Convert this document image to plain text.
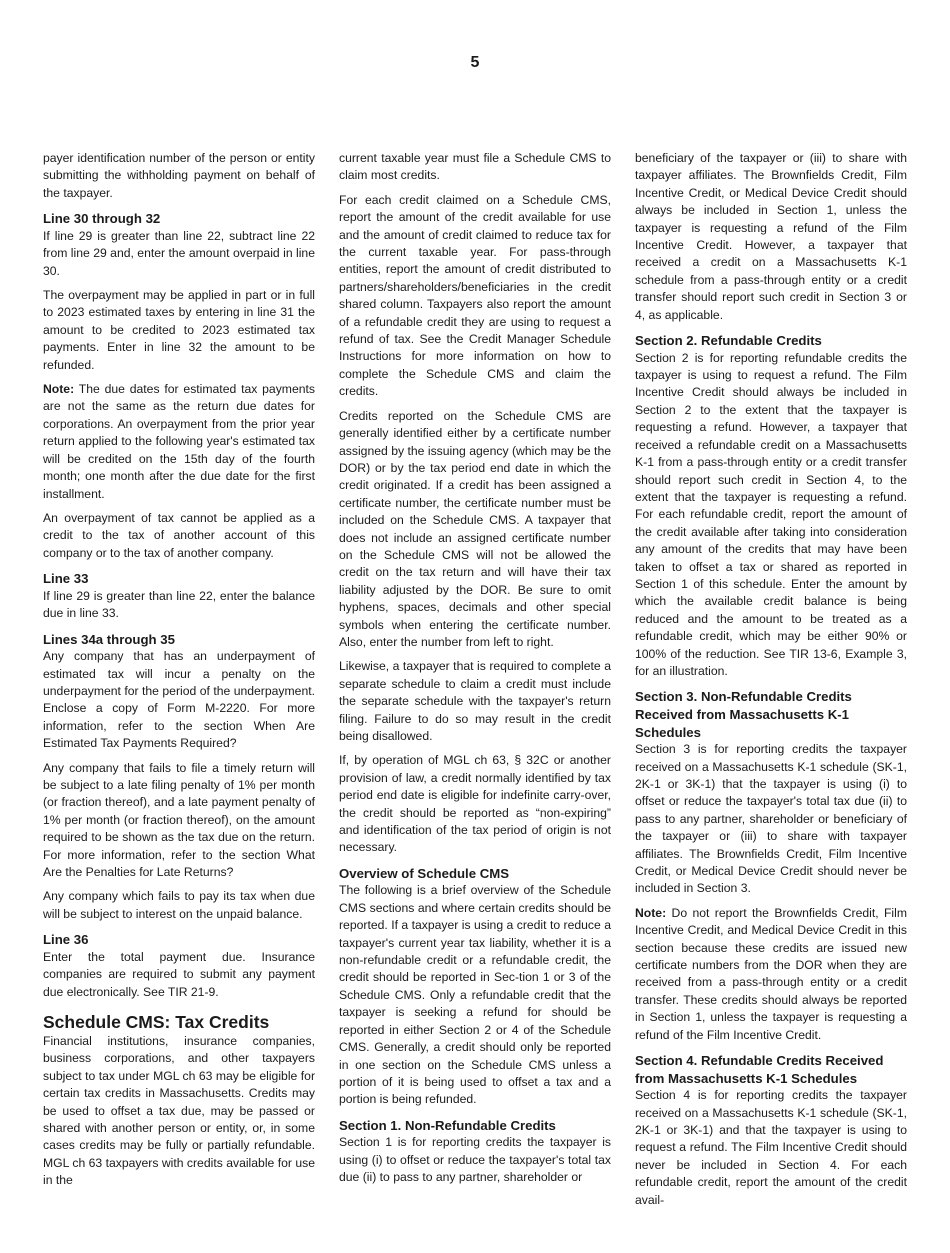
5

payer identification number of the person or entity submitting the withholding payment on behalf of the taxpayer.

Line 30 through 32

If line 29 is greater than line 22, subtract line 22 from line 29 and, enter the amount overpaid in line 30.

The overpayment may be applied in part or in full to 2023 estimated taxes by entering in line 31 the amount to be credited to 2023 estimated tax payments. Enter in line 32 the amount to be refunded.

Note: The due dates for estimated tax payments are not the same as the return due dates for corporations. An overpayment from the prior year return applied to the following year's estimated tax will be credited on the 15th day of the fourth month; one month after the due date for the first installment.

An overpayment of tax cannot be applied as a credit to the tax of another account of this company or to the tax of another company.

Line 33

If line 29 is greater than line 22, enter the balance due in line 33.

Lines 34a through 35

Any company that has an underpayment of estimated tax will incur a penalty on the underpayment for the period of the underpayment. Enclose a copy of Form M-2220. For more information, refer to the section When Are Estimated Tax Payments Required?

Any company that fails to file a timely return will be subject to a late filing penalty of 1% per month (or fraction thereof), and a late payment penalty of 1% per month (or fraction thereof), on the amount required to be shown as the tax due on the return. For more information, refer to the section What Are the Penalties for Late Returns?

Any company which fails to pay its tax when due will be subject to interest on the unpaid balance.

Line 36

Enter the total payment due. Insurance companies are required to submit any payment due electronically. See TIR 21-9.

Schedule CMS: Tax Credits

Financial institutions, insurance companies, business corporations, and other taxpayers subject to tax under MGL ch 63 may be eligible for certain tax credits in Massachusetts. Credits may be used to offset a tax due, may be passed or shared with another person or entity, or, in some cases credits may be fully or partially refundable. MGL ch 63 taxpayers with credits available for use in the

current taxable year must file a Schedule CMS to claim most credits.

For each credit claimed on a Schedule CMS, report the amount of the credit available for use and the amount of credit claimed to reduce tax for the current taxable year. For pass-through entities, report the amount of credit distributed to partners/shareholders/beneficiaries in the credit shared column. Taxpayers also report the amount of a refundable credit they are using to request a refund of tax. See the Credit Manager Schedule Instructions for more information on how to complete the Schedule CMS and claim the credits.

Credits reported on the Schedule CMS are generally identified either by a certificate number assigned by the issuing agency (which may be the DOR) or by the tax period end date in which the credit originated. If a credit has been assigned a certificate number, the certificate number must be included on the Schedule CMS. A taxpayer that does not include an assigned certificate number on the Schedule CMS will not be allowed the credit on the tax return and will have their tax liability adjusted by the DOR. Be sure to omit hyphens, spaces, decimals and other special symbols when entering the certificate number. Also, enter the number from left to right.

Likewise, a taxpayer that is required to complete a separate schedule to claim a credit must include the separate schedule with the taxpayer's return filing. Failure to do so may result in the credit being disallowed.

If, by operation of MGL ch 63, § 32C or another provision of law, a credit normally identified by tax period end date is eligible for indefinite carry-over, the credit should be reported as “non-expiring” and identification of the tax period of origin is not necessary.

Overview of Schedule CMS

The following is a brief overview of the Schedule CMS sections and where certain credits should be reported. If a taxpayer is using a credit to reduce a taxpayer's current year tax liability, whether it is a non-refundable credit or a refundable credit, the credit should be reported in Sec-tion 1 or 3 of the Schedule CMS. Only a refundable credit that the taxpayer is seeking a refund for should be reported in either Section 2 or 4 of the Schedule CMS. Generally, a credit should only be reported in one section on the Schedule CMS unless a portion of it is being used to offset a tax and a portion is being refunded.

Section 1. Non-Refundable Credits

Section 1 is for reporting credits the taxpayer is using (i) to offset or reduce the taxpayer's total tax due (ii) to pass to any partner, shareholder or

beneficiary of the taxpayer or (iii) to share with taxpayer affiliates. The Brownfields Credit, Film Incentive Credit, or Medical Device Credit should always be included in Section 1, unless the taxpayer is requesting a refund of the Film Incentive Credit. However, a taxpayer that received a credit on a Massachusetts K-1 schedule from a pass-through entity or a credit transfer should report such credit in Section 3 or 4, as applicable.

Section 2. Refundable Credits

Section 2 is for reporting refundable credits the taxpayer is using to request a refund. The Film Incentive Credit should always be included in Section 2 to the extent that the taxpayer is requesting a refund. However, a taxpayer that received a refundable credit on a Massachusetts K-1 from a pass-through entity or a credit transfer should report such credit in Section 4, to the extent that the taxpayer is requesting a refund. For each refundable credit, report the amount of the credit available after taking into consideration any amount of the credits that may have been taken to offset a tax or shared as reported in Section 1 of this schedule. Enter the amount by which the available credit balance is being reduced and the amount to be treated as a refundable credit, which may be either 90% or 100% of the reduction. See TIR 13-6, Example 3, for an illustration.

Section 3. Non-Refundable Credits Received from Massachusetts K-1 Schedules

Section 3 is for reporting credits the taxpayer received on a Massachusetts K-1 schedule (SK-1, 2K-1 or 3K-1) that the taxpayer is using (i) to offset or reduce the taxpayer's total tax due (ii) to pass to any partner, shareholder or beneficiary of the taxpayer or (iii) to share with taxpayer affiliates. The Brownfields Credit, Film Incentive Credit, or Medical Device Credit should never be included in Section 3.

Note: Do not report the Brownfields Credit, Film Incentive Credit, and Medical Device Credit in this section because these credits are issued new certificate numbers from the DOR when they are received from a pass-through entity or a credit transfer. These credits should always be reported in Section 1, unless the taxpayer is requesting a refund of the Film Incentive Credit.

Section 4. Refundable Credits Received from Massachusetts K-1 Schedules

Section 4 is for reporting credits the taxpayer received on a Massachusetts K-1 schedule (SK-1, 2K-1 or 3K-1) and that the taxpayer is using to request a refund. The Film Incentive Credit should never be included in Section 4. For each refundable credit, report the amount of the credit avail-
